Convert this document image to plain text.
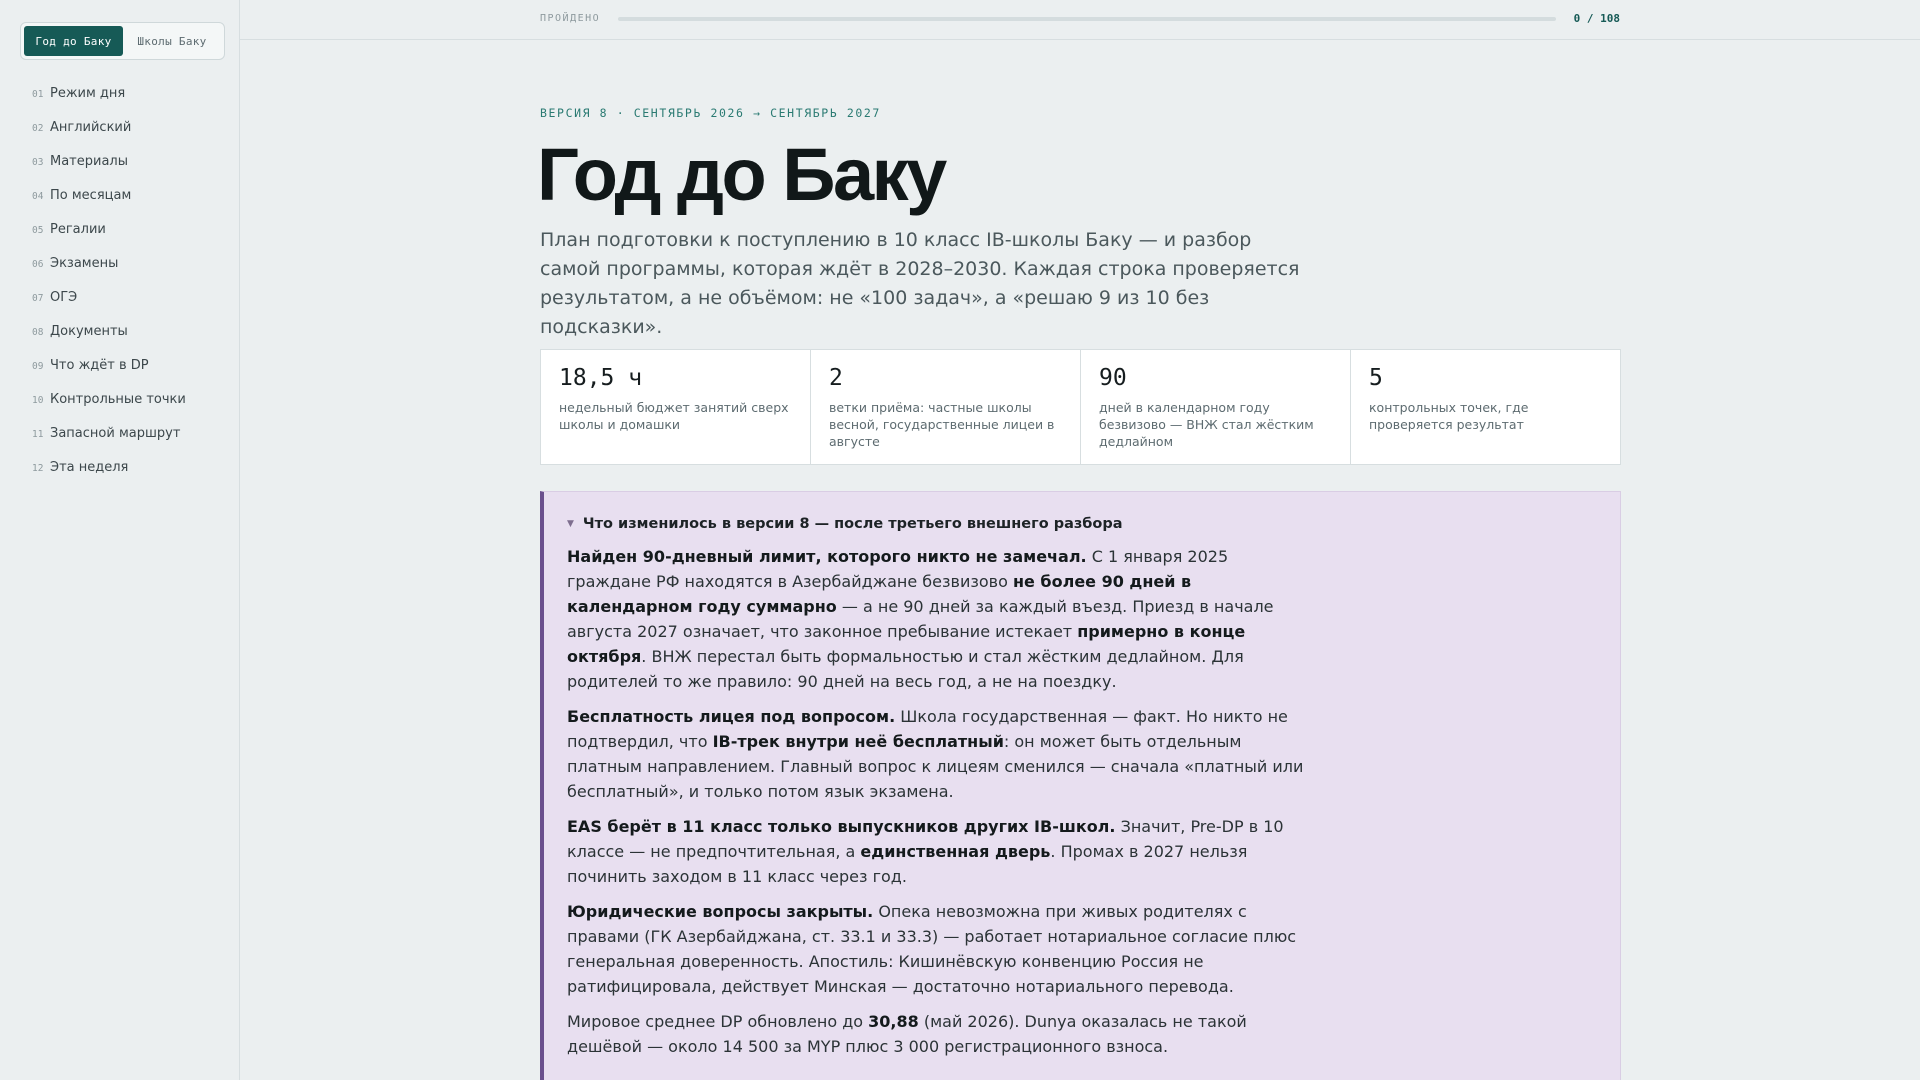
Год до Баку	Школы Баку
01 Режим дня
02 Английский
03 Материалы
04 По месяцам
05 Регалии
06 Экзамены
07 ОГЭ
08 Документы
09 Что ждёт в DP
10 Контрольные точки
11 Запасной маршрут
12 Эта неделя
ПРОЙДЕНО	0 / 108
ВЕРСИЯ 8 · СЕНТЯБРЬ 2026 → СЕНТЯБРЬ 2027
Год до Баку

План подготовки к поступлению в 10 класс IB-школы Баку — и разбор самой программы, которая ждёт в 2028–2030. Каждая строка проверяется результатом, а не объёмом: не «100 задач», а «решаю 9 из 10 без подсказки».

18,5 ч
недельный бюджет занятий сверх школы и домашки
2
ветки приёма: частные школы весной, государственные лицеи в августе
90
дней в календарном году безвизово — ВНЖ стал жёстким дедлайном
5
контрольных точек, где проверяется результат
▼ Что изменилось в версии 8 — после третьего внешнего разбора

Найден 90-дневный лимит, которого никто не замечал. С 1 января 2025 граждане РФ находятся в Азербайджане безвизово не более 90 дней в календарном году суммарно — а не 90 дней за каждый въезд. Приезд в начале августа 2027 означает, что законное пребывание истекает примерно в конце октября. ВНЖ перестал быть формальностью и стал жёстким дедлайном. Для родителей то же правило: 90 дней на весь год, а не на поездку.

Бесплатность лицея под вопросом. Школа государственная — факт. Но никто не подтвердил, что IB-трек внутри неё бесплатный: он может быть отдельным платным направлением. Главный вопрос к лицеям сменился — сначала «платный или бесплатный», и только потом язык экзамена.

EAS берёт в 11 класс только выпускников других IB-школ. Значит, Pre-DP в 10 классе — не предпочтительная, а единственная дверь. Промах в 2027 нельзя починить заходом в 11 класс через год.

Юридические вопросы закрыты. Опека невозможна при живых родителях с правами (ГК Азербайджана, ст. 33.1 и 33.3) — работает нотариальное согласие плюс генеральная доверенность. Апостиль: Кишинёвскую конвенцию Россия не ратифицировала, действует Минская — достаточно нотариального перевода.

Мировое среднее DP обновлено до 30,88 (май 2026). Dunya оказалась не такой дешёвой — около 14 500 за MYP плюс 3 000 регистрационного взноса.
